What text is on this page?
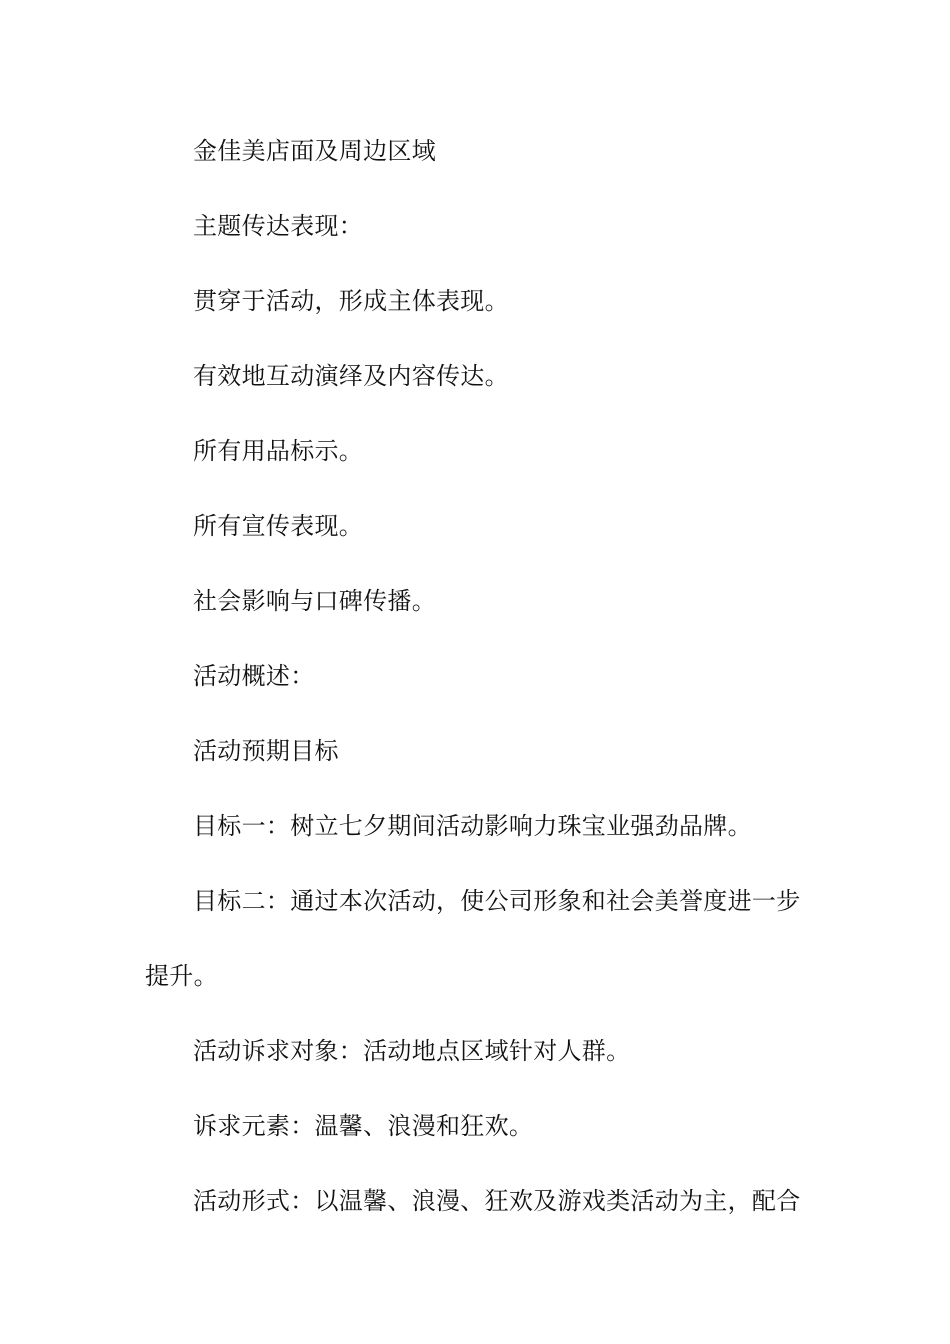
金佳美店面及周边区域

主题传达表现：

贯穿于活动，形成主体表现。

有效地互动演绎及内容传达。

所有用品标示。

所有宣传表现。

社会影响与口碑传播。

活动概述：

活动预期目标

目标一：树立七夕期间活动影响力珠宝业强劲品牌。

目标二：通过本次活动，使公司形象和社会美誉度进一步提升。

活动诉求对象：活动地点区域针对人群。

诉求元素：温馨、浪漫和狂欢。

活动形式：以温馨、浪漫、狂欢及游戏类活动为主，配合
